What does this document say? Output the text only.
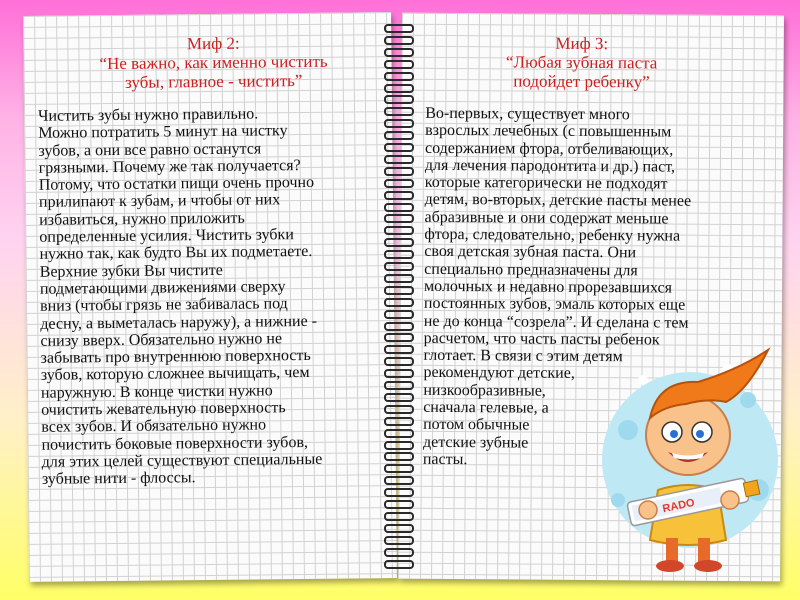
Миф 2:
“Не важно, как именно чистить
зубы, главное - чистить”

Чистить зубы нужно правильно.
Можно потратить 5 минут на чистку
зубов, а они все равно останутся
грязными. Почему же так получается?
Потому, что остатки пищи очень прочно
прилипают к зубам, и чтобы от них
избавиться, нужно приложить
определенные усилия. Чистить зубки
нужно так, как будто Вы их подметаете.
Верхние зубки Вы чистите
подметающими движениями сверху
вниз (чтобы грязь не забивалась под
десну, а выметалась наружу), а нижние -
снизу вверх. Обязательно нужно не
забывать про внутреннюю поверхность
зубов, которую сложнее вычищать, чем
наружную. В конце чистки нужно
очистить жевательную поверхность
всех зубов. И обязательно нужно
почистить боковые поверхности зубов,
для этих целей существуют специальные
зубные нити - флоссы.

Миф 3:
“Любая зубная паста
подойдет ребенку”

Во-первых, существует много
взрослых лечебных (с повышенным
содержанием фтора, отбеливающих,
для лечения пародонтита и др.) паст,
которые категорически не подходят
детям, во-вторых, детские пасты менее
абразивные и они содержат меньше
фтора, следовательно, ребенку нужна
своя детская зубная паста. Они
специально предназначены для
молочных и недавно прорезавшихся
постоянных зубов, эмаль которых еще
не до конца “созрела”. И сделана с тем
расчетом, что часть пасты ребенок
глотает. В связи с этим детям
рекомендуют детские,
низкообразивные,
сначала гелевые, а
потом обычные
детские зубные
пасты.

RADO
